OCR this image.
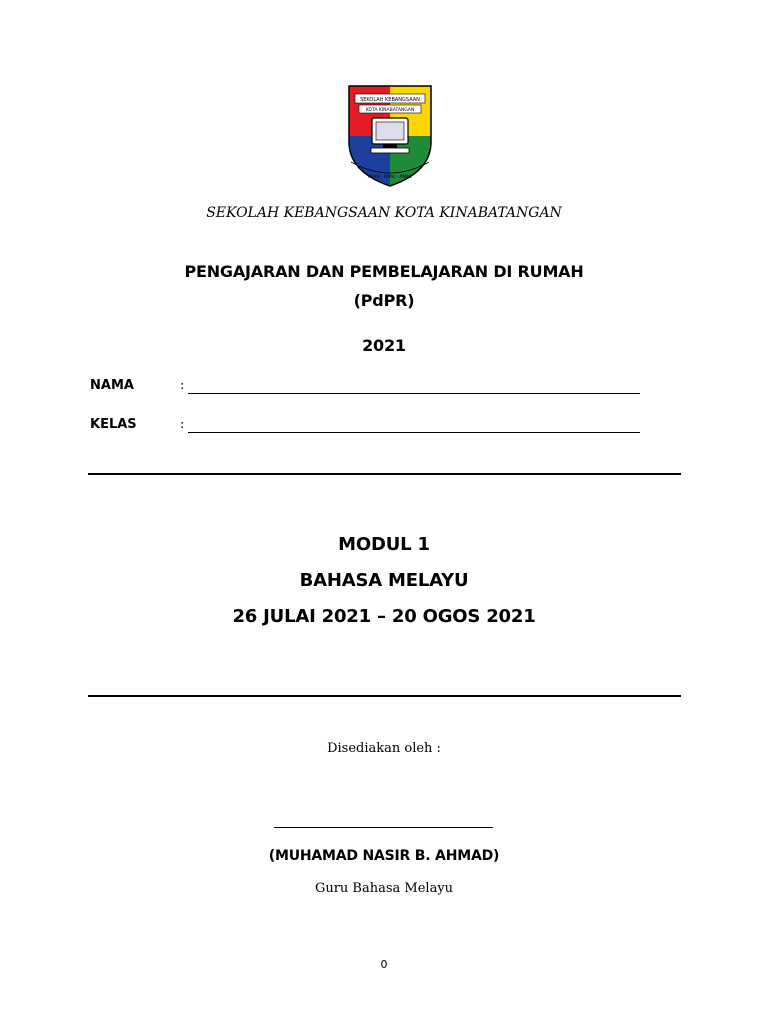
SEKOLAH KEBANGSAAN
KOTA KINABATANGAN
IMAN · ILMU · AMAL
SEKOLAH KEBANGSAAN KOTA KINABATANGAN
PENGAJARAN DAN PEMBELAJARAN DI RUMAH
(PdPR)
2021
NAMA	:
KELAS	:
MODUL 1
BAHASA MELAYU
26 JULAI 2021 – 20 OGOS 2021
Disediakan oleh :
(MUHAMAD NASIR B. AHMAD)
Guru Bahasa Melayu
0
